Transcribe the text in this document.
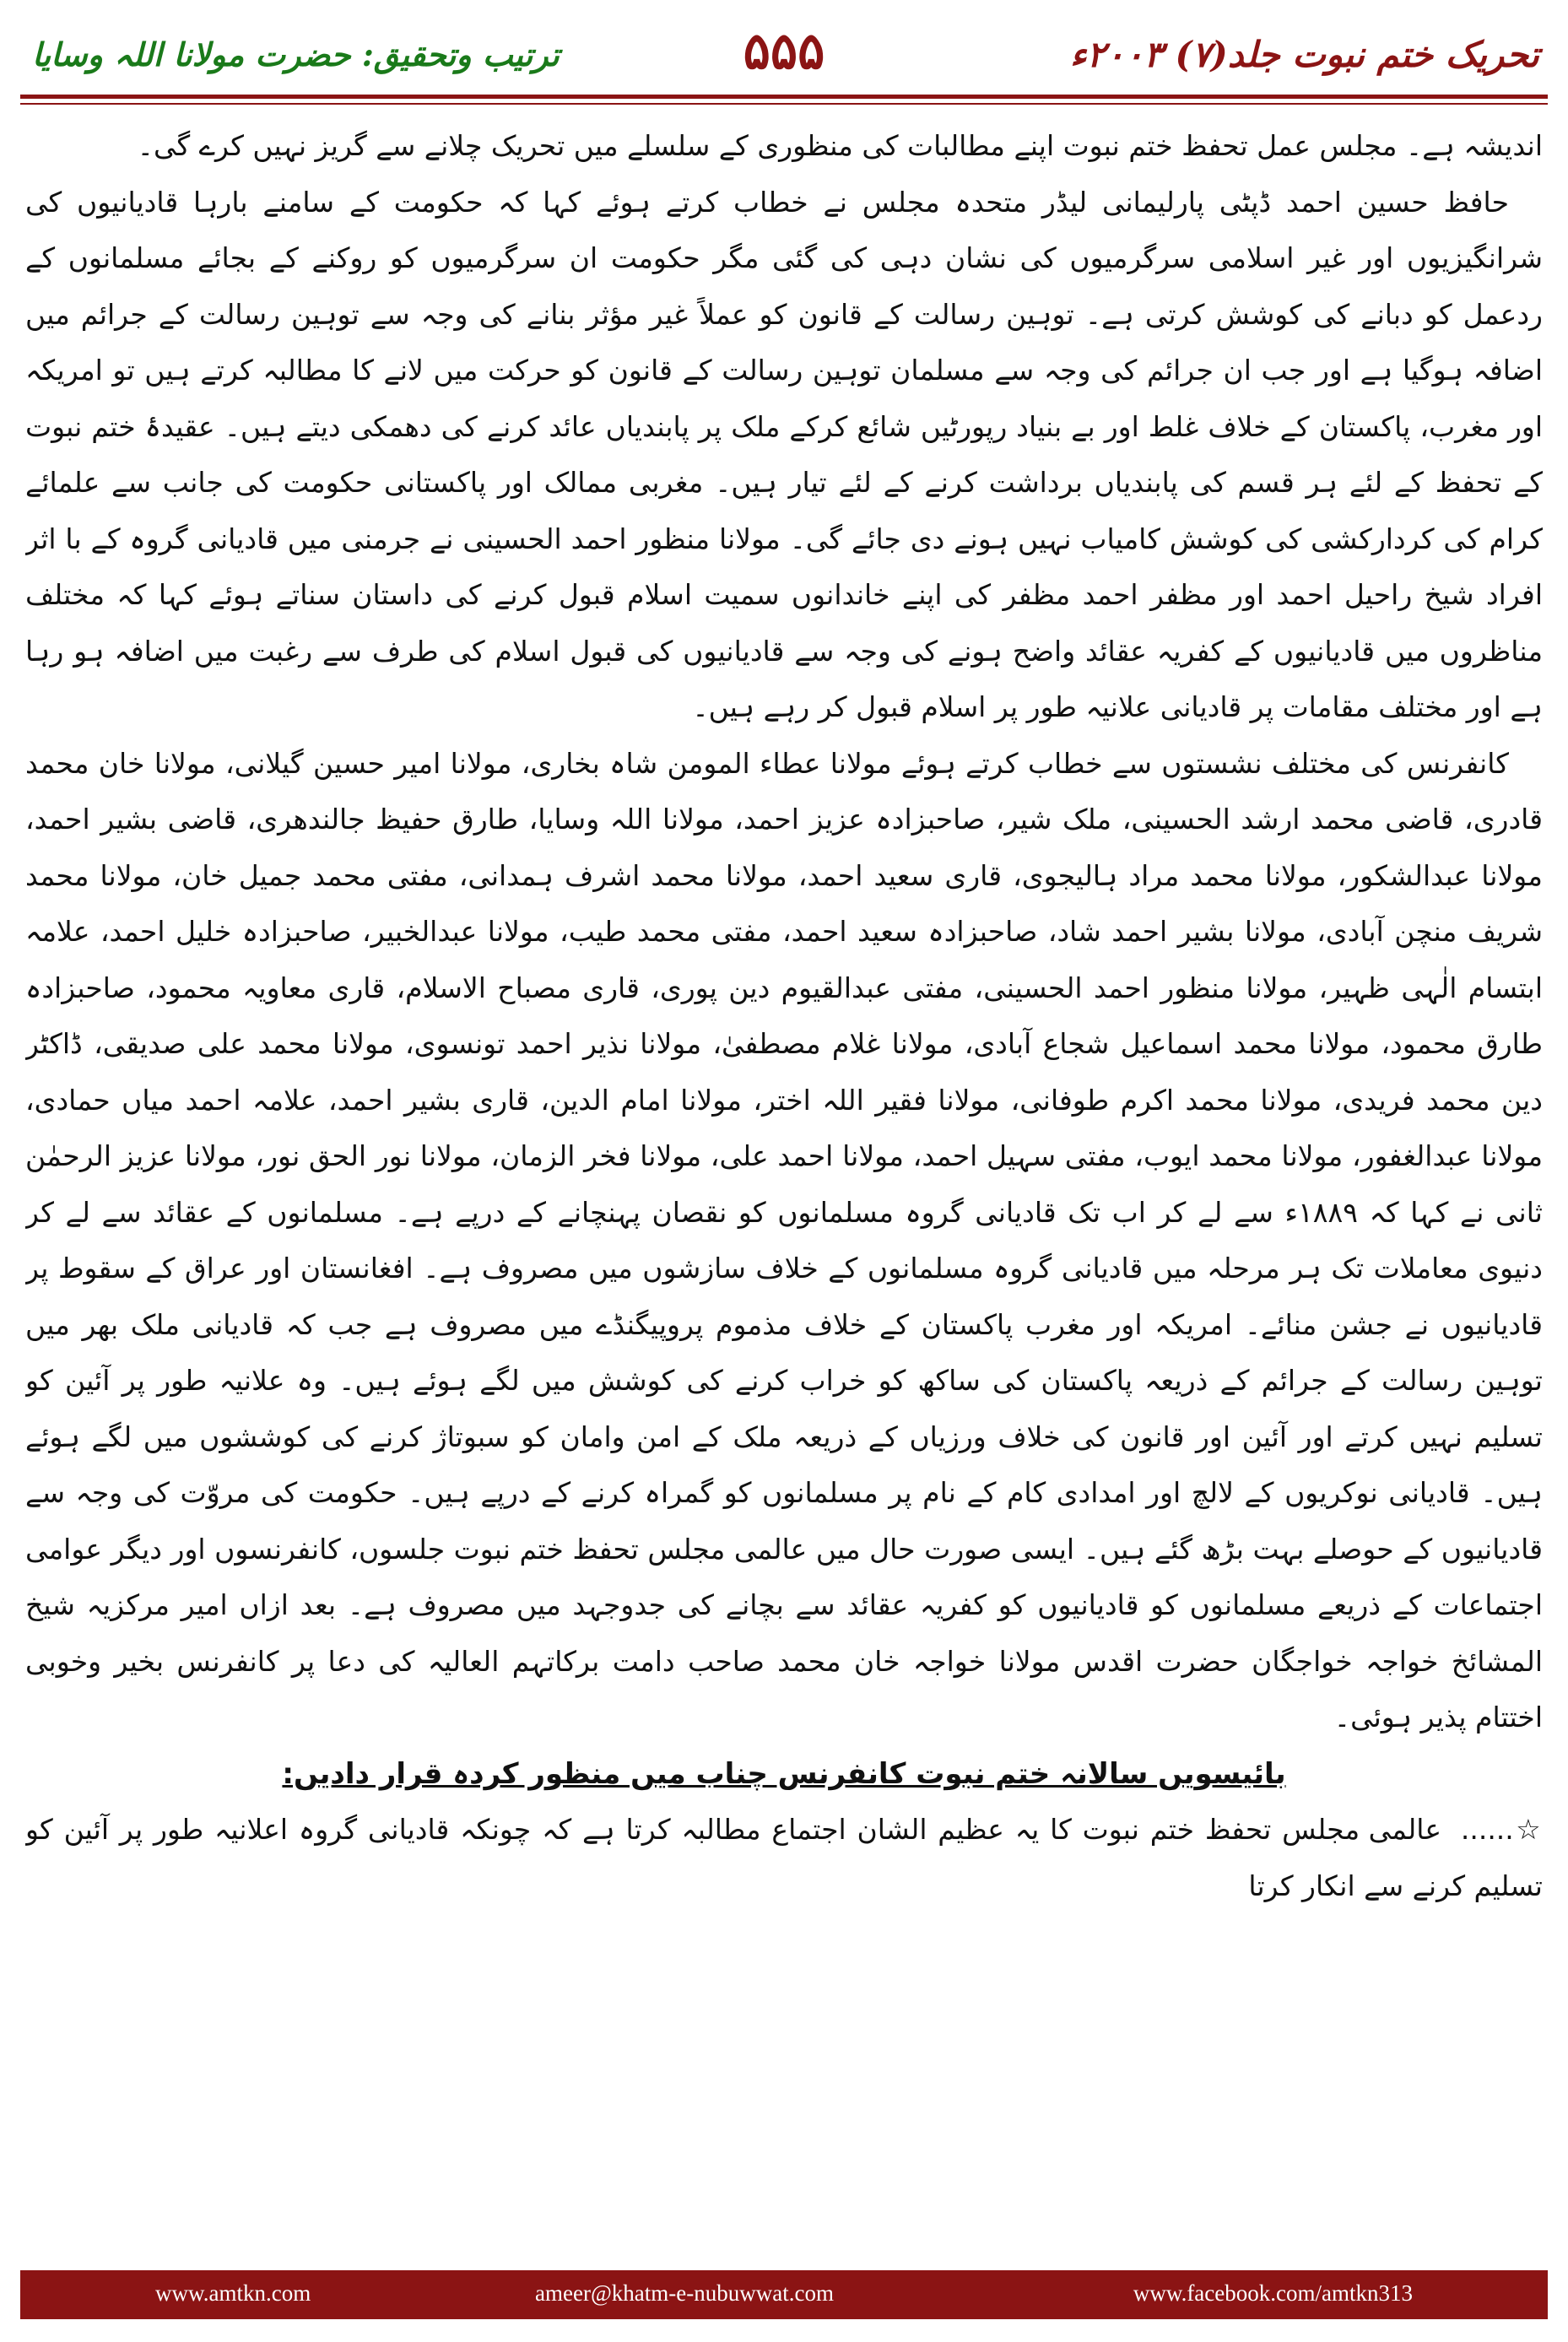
تحریک ختم نبوت جلد(۷) ۲۰۰۳ء
۵۵۵
ترتیب وتحقیق: حضرت مولانا اللہ وسایا

اندیشہ ہے۔ مجلس عمل تحفظ ختم نبوت اپنے مطالبات کی منظوری کے سلسلے میں تحریک چلانے سے گریز نہیں کرے گی۔

حافظ حسین احمد ڈپٹی پارلیمانی لیڈر متحدہ مجلس نے خطاب کرتے ہوئے کہا کہ حکومت کے سامنے بارہا قادیانیوں کی شرانگیزیوں اور غیر اسلامی سرگرمیوں کی نشان دہی کی گئی مگر حکومت ان سرگرمیوں کو روکنے کے بجائے مسلمانوں کے ردعمل کو دبانے کی کوشش کرتی ہے۔ توہین رسالت کے قانون کو عملاً غیر مؤثر بنانے کی وجہ سے توہین رسالت کے جرائم میں اضافہ ہوگیا ہے اور جب ان جرائم کی وجہ سے مسلمان توہین رسالت کے قانون کو حرکت میں لانے کا مطالبہ کرتے ہیں تو امریکہ اور مغرب، پاکستان کے خلاف غلط اور بے بنیاد رپورٹیں شائع کرکے ملک پر پابندیاں عائد کرنے کی دھمکی دیتے ہیں۔ عقیدۂ ختم نبوت کے تحفظ کے لئے ہر قسم کی پابندیاں برداشت کرنے کے لئے تیار ہیں۔ مغربی ممالک اور پاکستانی حکومت کی جانب سے علمائے کرام کی کردارکشی کی کوشش کامیاب نہیں ہونے دی جائے گی۔ مولانا منظور احمد الحسینی نے جرمنی میں قادیانی گروہ کے با اثر افراد شیخ راحیل احمد اور مظفر احمد مظفر کی اپنے خاندانوں سمیت اسلام قبول کرنے کی داستان سناتے ہوئے کہا کہ مختلف مناظروں میں قادیانیوں کے کفریہ عقائد واضح ہونے کی وجہ سے قادیانیوں کی قبول اسلام کی طرف سے رغبت میں اضافہ ہو رہا ہے اور مختلف مقامات پر قادیانی علانیہ طور پر اسلام قبول کر رہے ہیں۔

کانفرنس کی مختلف نشستوں سے خطاب کرتے ہوئے مولانا عطاء المومن شاہ بخاری، مولانا امیر حسین گیلانی، مولانا خان محمد قادری، قاضی محمد ارشد الحسینی، ملک شیر، صاحبزادہ عزیز احمد، مولانا اللہ وسایا، طارق حفیظ جالندھری، قاضی بشیر احمد، مولانا عبدالشکور، مولانا محمد مراد ہالیجوی، قاری سعید احمد، مولانا محمد اشرف ہمدانی، مفتی محمد جمیل خان، مولانا محمد شریف منچن آبادی، مولانا بشیر احمد شاد، صاحبزادہ سعید احمد، مفتی محمد طیب، مولانا عبدالخبیر، صاحبزادہ خلیل احمد، علامہ ابتسام الٰہی ظہیر، مولانا منظور احمد الحسینی، مفتی عبدالقیوم دین پوری، قاری مصباح الاسلام، قاری معاویہ محمود، صاحبزادہ طارق محمود، مولانا محمد اسماعیل شجاع آبادی، مولانا غلام مصطفیٰ، مولانا نذیر احمد تونسوی، مولانا محمد علی صدیقی، ڈاکٹر دین محمد فریدی، مولانا محمد اکرم طوفانی، مولانا فقیر اللہ اختر، مولانا امام الدین، قاری بشیر احمد، علامہ احمد میاں حمادی، مولانا عبدالغفور، مولانا محمد ایوب، مفتی سہیل احمد، مولانا احمد علی، مولانا فخر الزمان، مولانا نور الحق نور، مولانا عزیز الرحمٰن ثانی نے کہا کہ ۱۸۸۹ء سے لے کر اب تک قادیانی گروہ مسلمانوں کو نقصان پہنچانے کے درپے ہے۔ مسلمانوں کے عقائد سے لے کر دنیوی معاملات تک ہر مرحلہ میں قادیانی گروہ مسلمانوں کے خلاف سازشوں میں مصروف ہے۔ افغانستان اور عراق کے سقوط پر قادیانیوں نے جشن منائے۔ امریکہ اور مغرب پاکستان کے خلاف مذموم پروپیگنڈے میں مصروف ہے جب کہ قادیانی ملک بھر میں توہین رسالت کے جرائم کے ذریعہ پاکستان کی ساکھ کو خراب کرنے کی کوشش میں لگے ہوئے ہیں۔ وہ علانیہ طور پر آئین کو تسلیم نہیں کرتے اور آئین اور قانون کی خلاف ورزیاں کے ذریعہ ملک کے امن وامان کو سبوتاژ کرنے کی کوششوں میں لگے ہوئے ہیں۔ قادیانی نوکریوں کے لالچ اور امدادی کام کے نام پر مسلمانوں کو گمراہ کرنے کے درپے ہیں۔ حکومت کی مروّت کی وجہ سے قادیانیوں کے حوصلے بہت بڑھ گئے ہیں۔ ایسی صورت حال میں عالمی مجلس تحفظ ختم نبوت جلسوں، کانفرنسوں اور دیگر عوامی اجتماعات کے ذریعے مسلمانوں کو قادیانیوں کو کفریہ عقائد سے بچانے کی جدوجہد میں مصروف ہے۔ بعد ازاں امیر مرکزیہ شیخ المشائخ خواجہ خواجگان حضرت اقدس مولانا خواجہ خان محمد صاحب دامت برکاتہم العالیہ کی دعا پر کانفرنس بخیر وخوبی اختتام پذیر ہوئی۔

بائیسویں سالانہ ختم نبوت کانفرنس چناب میں منظور کردہ قرار دادیں:

☆...... عالمی مجلس تحفظ ختم نبوت کا یہ عظیم الشان اجتماع مطالبہ کرتا ہے کہ چونکہ قادیانی گروہ اعلانیہ طور پر آئین کو تسلیم کرنے سے انکار کرتا

www.amtkn.com	ameer@khatm-e-nubuwwat.com	www.facebook.com/amtkn313
